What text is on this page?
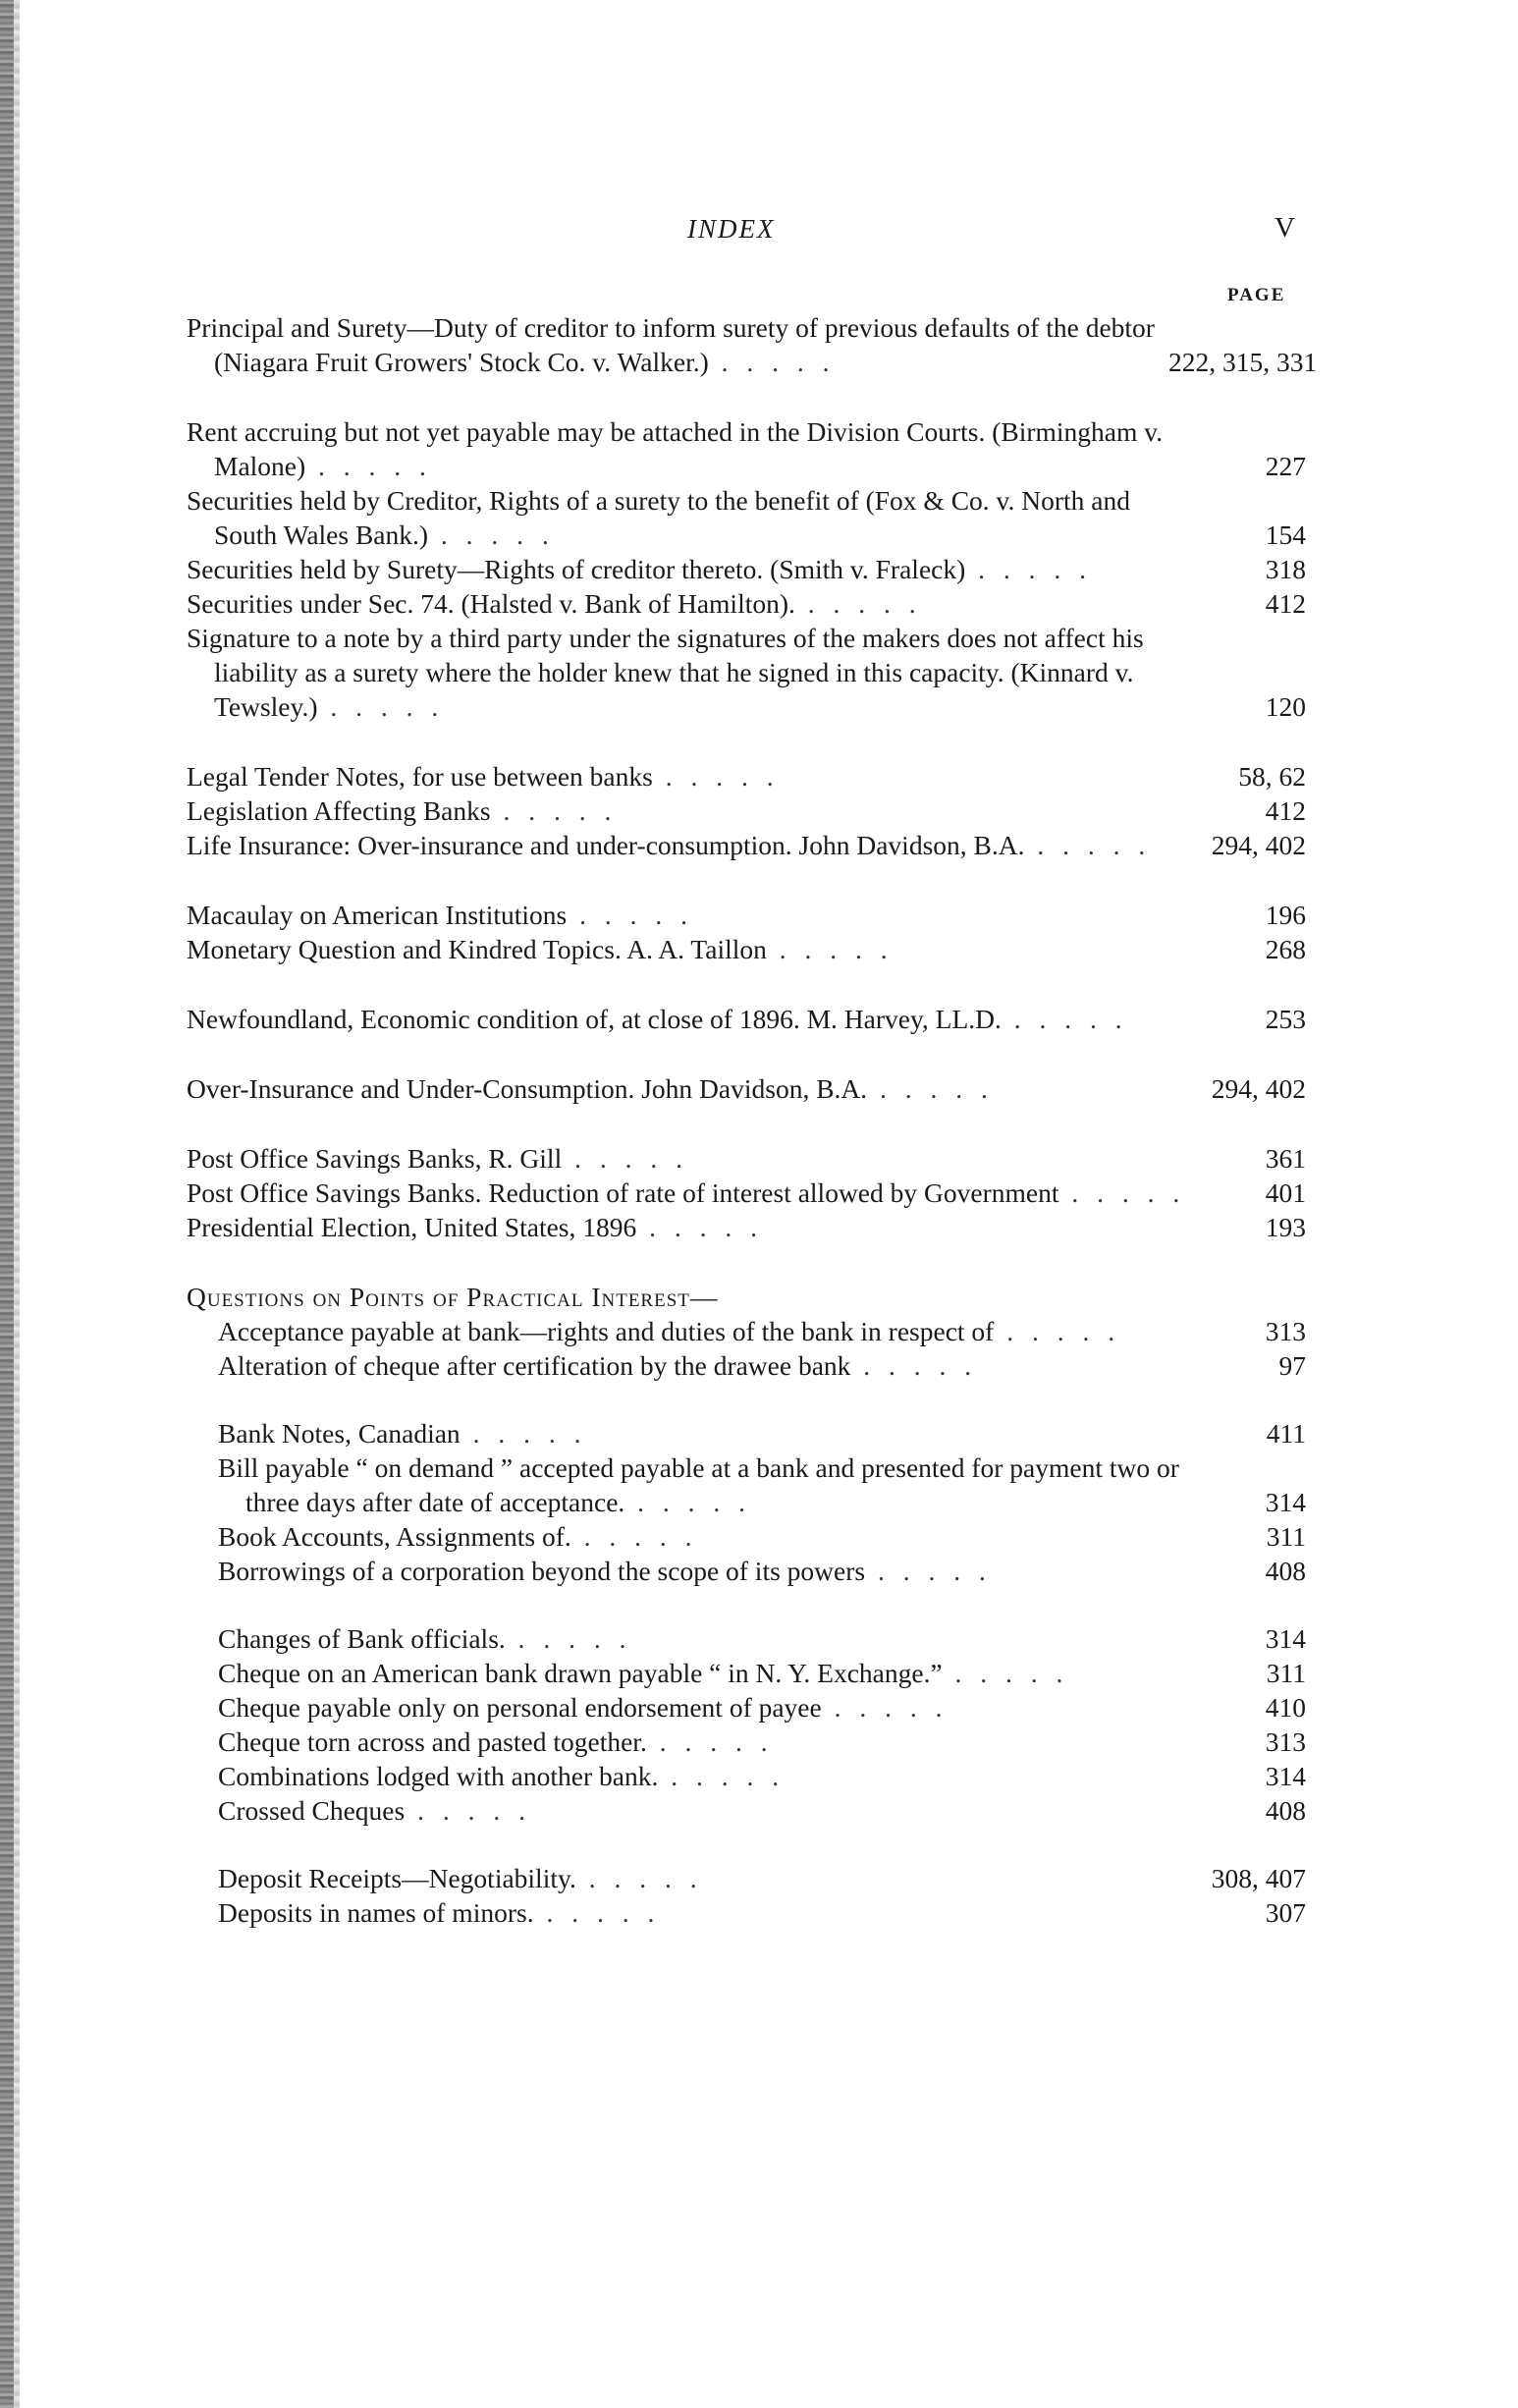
INDEX	V
PAGE
Principal and Surety—Duty of creditor to inform surety of previous defaults of the debtor (Niagara Fruit Growers' Stock Co. v. Walker.) . . . . .	222, 315, 331
Rent accruing but not yet payable may be attached in the Division Courts. (Birmingham v. Malone) . . . . .	227
Securities held by Creditor, Rights of a surety to the benefit of (Fox & Co. v. North and South Wales Bank.) . . . . .	154
Securities held by Surety—Rights of creditor thereto. (Smith v. Fraleck) . . . . .	318
Securities under Sec. 74. (Halsted v. Bank of Hamilton). . . . . .	412
Signature to a note by a third party under the signatures of the makers does not affect his liability as a surety where the holder knew that he signed in this capacity. (Kinnard v. Tewsley.) . . . . .	120
Legal Tender Notes, for use between banks . . . . .	58, 62
Legislation Affecting Banks . . . . .	412
Life Insurance: Over-insurance and under-consumption. John Davidson, B.A. . . . . .	294, 402
Macaulay on American Institutions . . . . .	196
Monetary Question and Kindred Topics. A. A. Taillon . . . . .	268
Newfoundland, Economic condition of, at close of 1896. M. Harvey, LL.D. . . . . .	253
Over-Insurance and Under-Consumption. John Davidson, B.A. . . . . .	294, 402
Post Office Savings Banks, R. Gill . . . . .	361
Post Office Savings Banks. Reduction of rate of interest allowed by Government . . . . .	401
Presidential Election, United States, 1896 . . . . .	193
Questions on Points of Practical Interest—
Acceptance payable at bank—rights and duties of the bank in respect of . . . . .	313
Alteration of cheque after certification by the drawee bank . . . . .	97
Bank Notes, Canadian . . . . .	411
Bill payable “ on demand ” accepted payable at a bank and presented for payment two or three days after date of acceptance. . . . . .	314
Book Accounts, Assignments of. . . . . .	311
Borrowings of a corporation beyond the scope of its powers . . . . .	408
Changes of Bank officials. . . . . .	314
Cheque on an American bank drawn payable “ in N. Y. Exchange.” . . . . .	311
Cheque payable only on personal endorsement of payee . . . . .	410
Cheque torn across and pasted together. . . . . .	313
Combinations lodged with another bank. . . . . .	314
Crossed Cheques . . . . .	408
Deposit Receipts—Negotiability. . . . . .	308, 407
Deposits in names of minors. . . . . .	307
